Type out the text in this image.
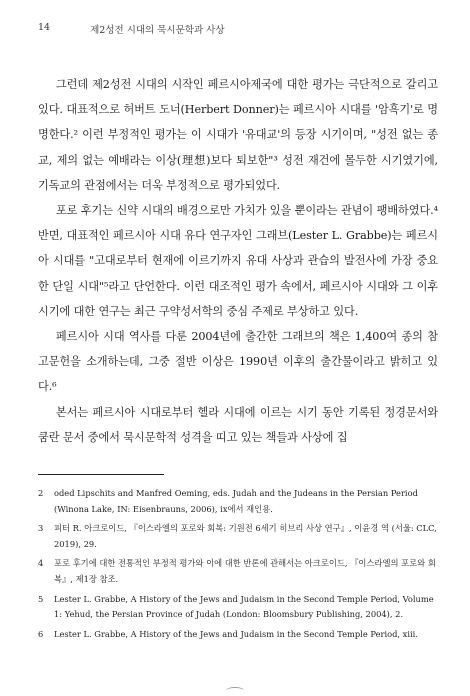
14	제2성전 시대의 묵시문학과 사상

그런데 제2성전 시대의 시작인 페르시아제국에 대한 평가는 극단적으로 갈리고 있다. 대표적으로 허버트 도너(Herbert Donner)는 페르시아 시대를 '암흑기'로 명명한다.² 이런 부정적인 평가는 이 시대가 '유대교'의 등장 시기이며, "성전 없는 종교, 제의 없는 예배라는 이상(理想)보다 퇴보한"³ 성전 재건에 몰두한 시기였기에, 기독교의 관점에서는 더욱 부정적으로 평가되었다.

포로 후기는 신약 시대의 배경으로만 가치가 있을 뿐이라는 관념이 팽배하였다.⁴ 반면, 대표적인 페르시아 시대 유다 연구자인 그래브(Lester L. Grabbe)는 페르시아 시대를 "고대로부터 현재에 이르기까지 유대 사상과 관습의 발전사에 가장 중요한 단일 시대"⁵라고 단언한다. 이런 대조적인 평가 속에서, 페르시아 시대와 그 이후 시기에 대한 연구는 최근 구약성서학의 중심 주제로 부상하고 있다.

페르시아 시대 역사를 다룬 2004년에 출간한 그래브의 책은 1,400여 종의 참고문헌을 소개하는데, 그중 절반 이상은 1990년 이후의 출간물이라고 밝히고 있다.⁶

본서는 페르시아 시대로부터 헬라 시대에 이르는 시기 동안 기록된 정경문서와 쿰란 문서 중에서 묵시문학적 성격을 띠고 있는 책들과 사상에 집

2	oded Lipschits and Manfred Oeming, eds. Judah and the Judeans in the Persian Period (Winona Lake, IN: Eisenbrauns, 2006), ix에서 재인용.
3	피터 R. 아크로이드, 『이스라엘의 포로와 회복: 기원전 6세기 히브리 사상 연구』, 이윤경 역 (서울: CLC, 2019), 29.
4	포로 후기에 대한 전통적인 부정적 평가와 이에 대한 반론에 관해서는 아크로이드, 『이스라엘의 포로와 회복』, 제1장 참조.
5	Lester L. Grabbe, A History of the Jews and Judaism in the Second Temple Period, Volume 1: Yehud, the Persian Province of Judah (London: Bloomsbury Publishing, 2004), 2.
6	Lester L. Grabbe, A History of the Jews and Judaism in the Second Temple Period, xiii.
